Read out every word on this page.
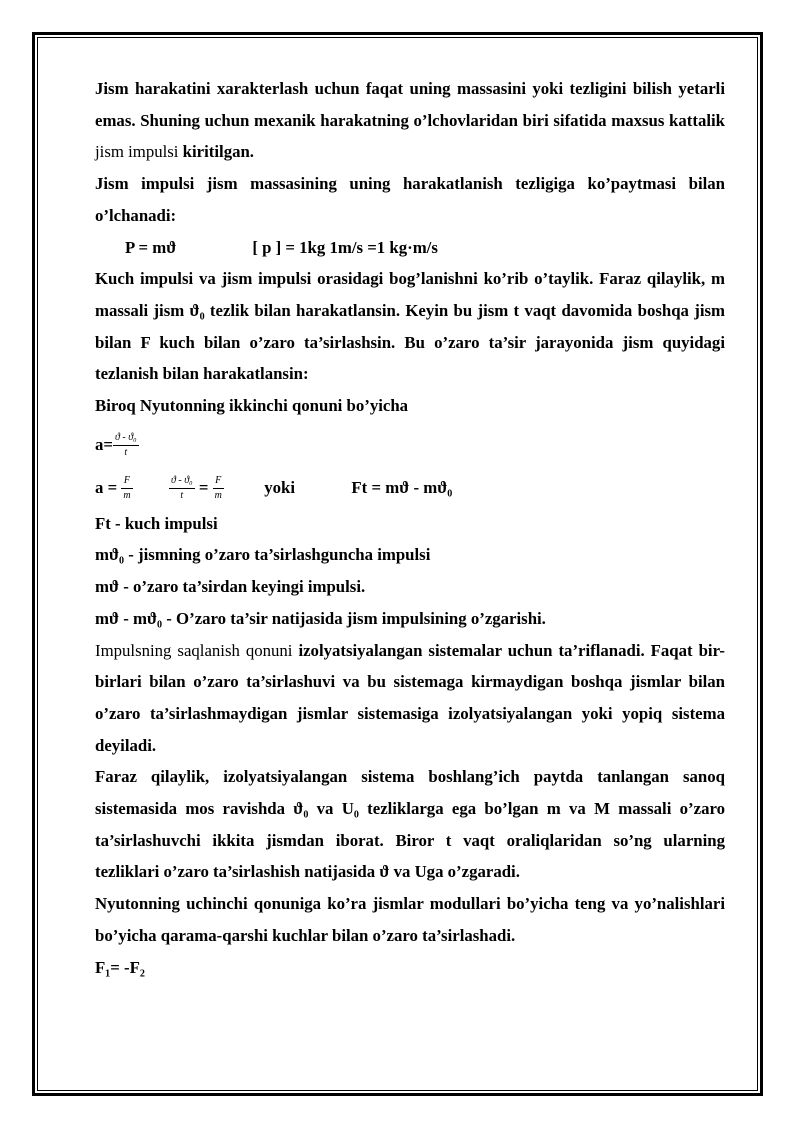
Jism harakatini xarakterlash uchun faqat uning massasini yoki tezligini bilish yetarli emas. Shuning uchun mexanik harakatning o’lchovlaridan biri sifatida maxsus kattalik jism impulsi kiritilgan.

Jism impulsi jism massasining uning harakatlanish tezligiga ko’paytmasi bilan o’lchanadi:

P = mϑ	[ p ] = 1kg 1m/s =1 kg·m/s

Kuch impulsi va jism impulsi orasidagi bog’lanishni ko’rib o’taylik. Faraz qilaylik, m massali jism ϑ₀ tezlik bilan harakatlansin. Keyin bu jism t vaqt davomida boshqa jism bilan F kuch bilan o’zaro ta’sirlashsin. Bu o’zaro ta’sir jarayonida jism quyidagi tezlanish bilan harakatlansin:

Biroq Nyutonning ikkinchi qonuni bo’yicha

$a= \frac{\text{ϑ - ϑ₀}}{t}$
$a = \frac{F}{m}$
	$\frac{\text{ϑ - ϑ₀}}{t} = \frac{F}{m}$ yoki	Ft = mϑ - mϑ₀

Ft - kuch impulsi

mϑ₀ - jismning o’zaro ta’sirlashguncha impulsi

mϑ - o’zaro ta’sirdan keyingi impulsi.

mϑ - mϑ₀ - O’zaro ta’sir natijasida jism impulsining o’zgarishi.

Impulsning saqlanish qonuni izolyatsiyalangan sistemalar uchun ta’riflanadi. Faqat bir-birlari bilan o’zaro ta’sirlashuvi va bu sistemaga kirmaydigan boshqa jismlar bilan o’zaro ta’sirlashmaydigan jismlar sistemasiga izolyatsiyalangan yoki yopiq sistema deyiladi.

Faraz qilaylik, izolyatsiyalangan sistema boshlang’ich paytda tanlangan sanoq sistemasida mos ravishda ϑ₀ va U₀ tezliklarga ega bo’lgan m va M massali o’zaro ta’sirlashuvchi ikkita jismdan iborat. Biror t vaqt oraliqlaridan so’ng ularning tezliklari o’zaro ta’sirlashish natijasida ϑ va Uga o’zgaradi.

Nyutonning uchinchi qonuniga ko’ra jismlar modullari bo’yicha teng va yo’nalishlari bo’yicha qarama-qarshi kuchlar bilan o’zaro ta’sirlashadi.

F₁= -F₂
